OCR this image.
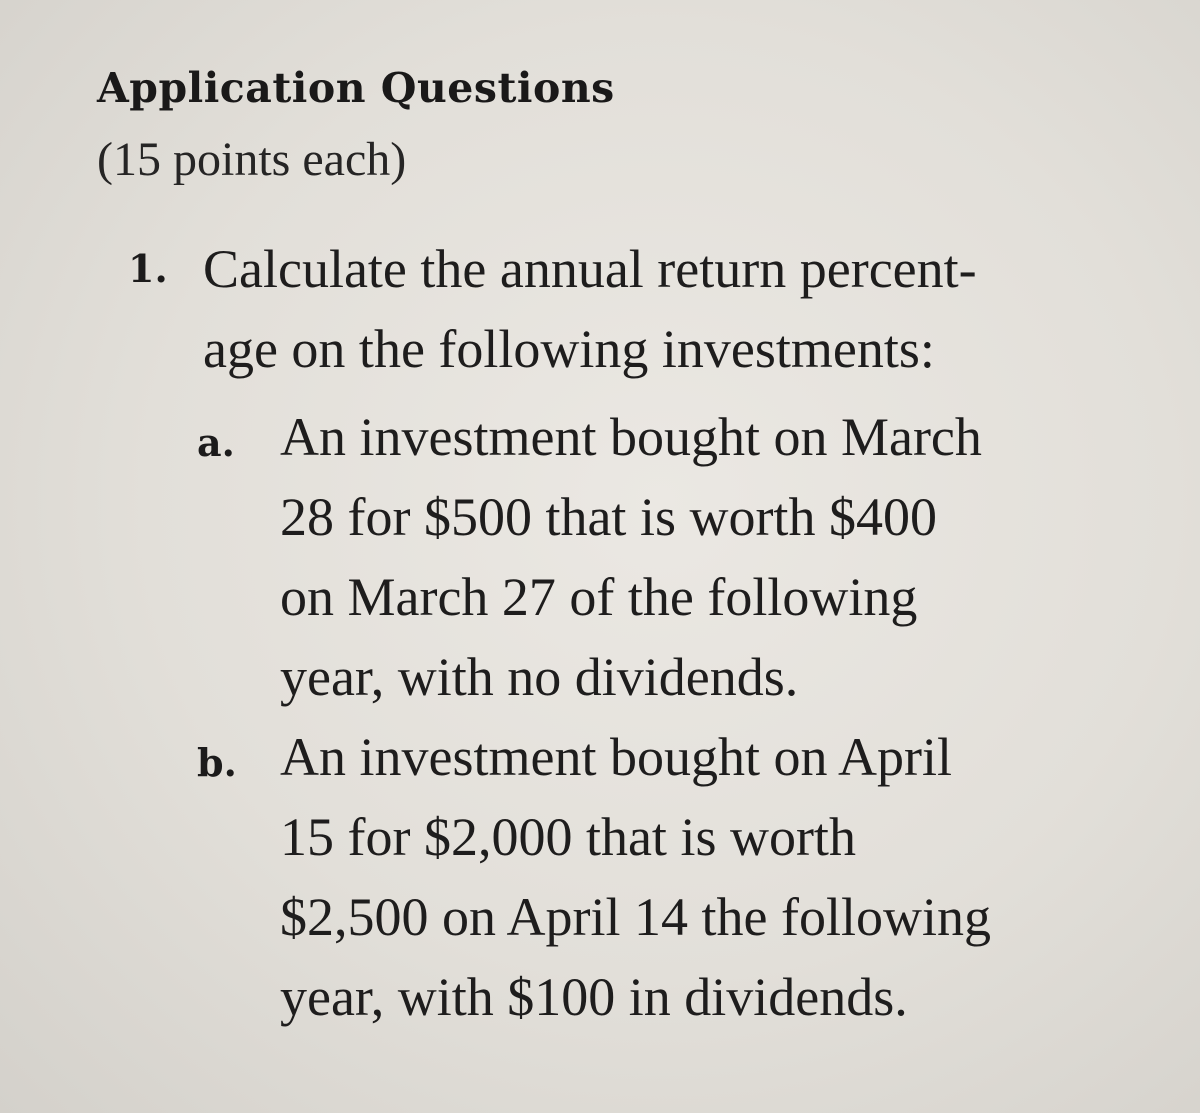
Application Questions
(15 points each)
1. Calculate the annual return percent-
age on the following investments:
a. An investment bought on March
28 for $500 that is worth $400
on March 27 of the following
year, with no dividends.
b. An investment bought on April
15 for $2,000 that is worth
$2,500 on April 14 the following
year, with $100 in dividends.
